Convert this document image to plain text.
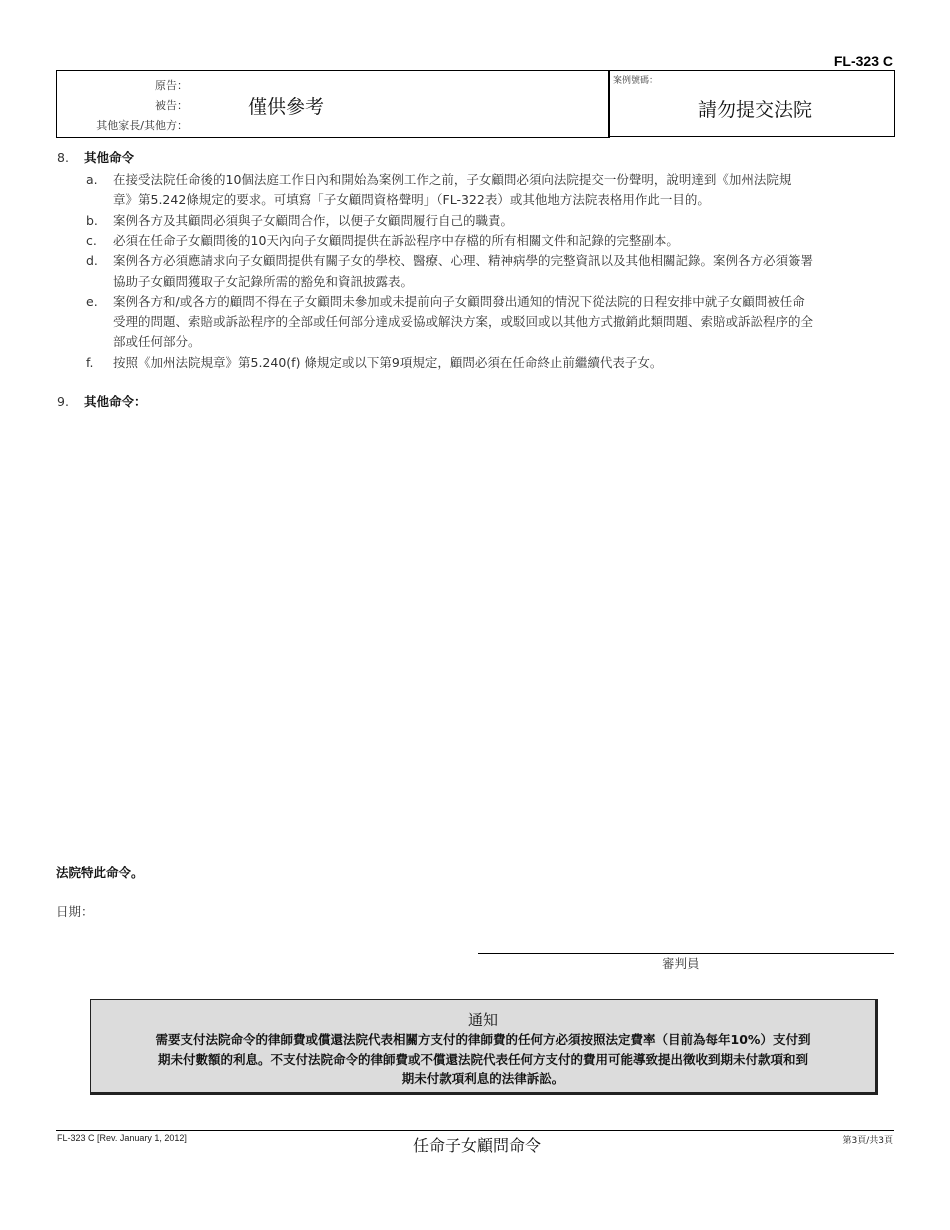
FL-323 C
原告：
被告：
其他家長/其他方：
僅供參考
案例號碼：
請勿提交法院
8. 其他命令
a. 在接受法院任命後的10個法庭工作日內和開始為案例工作之前，子女顧問必須向法院提交一份聲明，說明達到《加州法院規
章》第5.242條規定的要求。可填寫「子女顧問資格聲明」（FL-322表）或其他地方法院表格用作此一目的。
b. 案例各方及其顧問必須與子女顧問合作，以便子女顧問履行自己的職責。
c. 必須在任命子女顧問後的10天內向子女顧問提供在訴訟程序中存檔的所有相關文件和記錄的完整副本。
d. 案例各方必須應請求向子女顧問提供有關子女的學校、醫療、心理、精神病學的完整資訊以及其他相關記錄。案例各方必須簽署
協助子女顧問獲取子女記錄所需的豁免和資訊披露表。
e. 案例各方和/或各方的顧問不得在子女顧問未參加或未提前向子女顧問發出通知的情況下從法院的日程安排中就子女顧問被任命
受理的問題、索賠或訴訟程序的全部或任何部分達成妥協或解決方案，或駁回或以其他方式撤銷此類問題、索賠或訴訟程序的全
部或任何部分。
f. 按照《加州法院規章》第5.240(f) 條規定或以下第9項規定，顧問必須在任命終止前繼續代表子女。
9. 其他命令：
法院特此命令。
日期：
審判員
通知
需要支付法院命令的律師費或償還法院代表相關方支付的律師費的任何方必須按照法定費率（目前為每年10%）支付到
期未付數額的利息。不支付法院命令的律師費或不償還法院代表任何方支付的費用可能導致提出徵收到期未付款項和到
期未付款項利息的法律訴訟。
FL-323 C [Rev. January 1, 2012]	任命子女顧問命令	第3頁/共3頁
